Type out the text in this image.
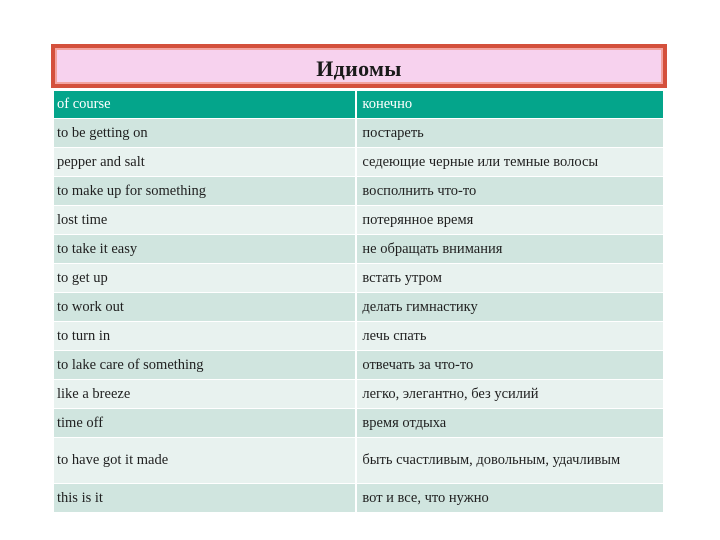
Идиомы
of course	конечно
to be getting on	постареть
pepper and salt	седеющие черные или темные волосы
to make up for something	восполнить что-то
lost time	потерянное время
to take it easy	не обращать внимания
to get up	встать утром
to work out	делать гимнастику
to turn in	лечь спать
to lake care of something	отвечать за что-то
like a breeze	легко, элегантно, без усилий
time off	время отдыха
to have got it made	быть счастливым, довольным, удачливым
this is it	вот и все, что нужно
